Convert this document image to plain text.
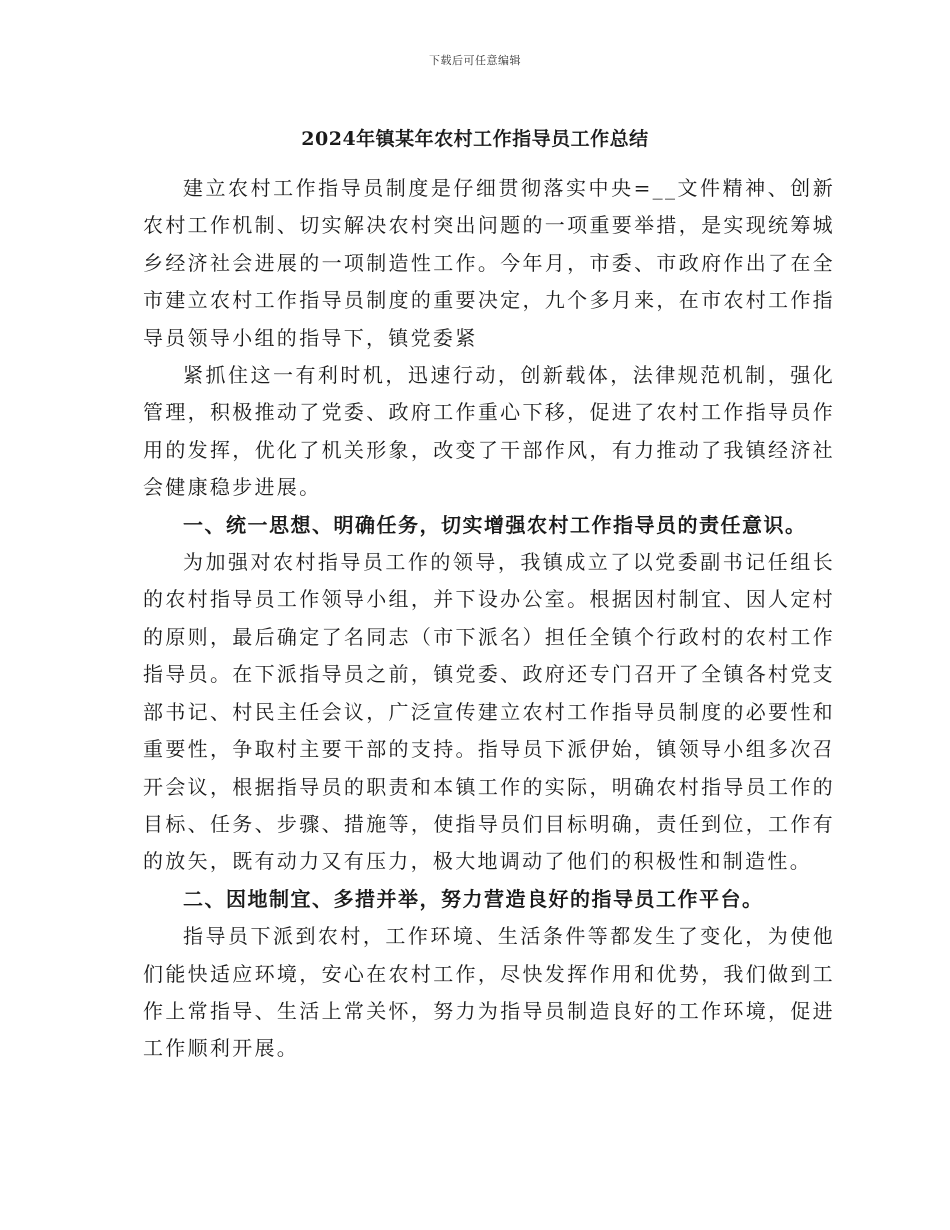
下载后可任意编辑
2024年镇某年农村工作指导员工作总结

建立农村工作指导员制度是仔细贯彻落实中央=__文件精神、创新农村工作机制、切实解决农村突出问题的一项重要举措，是实现统筹城乡经济社会进展的一项制造性工作。今年月，市委、市政府作出了在全市建立农村工作指导员制度的重要决定，九个多月来，在市农村工作指导员领导小组的指导下，镇党委紧

紧抓住这一有利时机，迅速行动，创新载体，法律规范机制，强化管理，积极推动了党委、政府工作重心下移，促进了农村工作指导员作用的发挥，优化了机关形象，改变了干部作风，有力推动了我镇经济社会健康稳步进展。

一、统一思想、明确任务，切实增强农村工作指导员的责任意识。

为加强对农村指导员工作的领导，我镇成立了以党委副书记任组长的农村指导员工作领导小组，并下设办公室。根据因村制宜、因人定村的原则，最后确定了名同志（市下派名）担任全镇个行政村的农村工作指导员。在下派指导员之前，镇党委、政府还专门召开了全镇各村党支部书记、村民主任会议，广泛宣传建立农村工作指导员制度的必要性和重要性，争取村主要干部的支持。指导员下派伊始，镇领导小组多次召开会议，根据指导员的职责和本镇工作的实际，明确农村指导员工作的目标、任务、步骤、措施等，使指导员们目标明确，责任到位，工作有的放矢，既有动力又有压力，极大地调动了他们的积极性和制造性。

二、因地制宜、多措并举，努力营造良好的指导员工作平台。

指导员下派到农村，工作环境、生活条件等都发生了变化，为使他们能快适应环境，安心在农村工作，尽快发挥作用和优势，我们做到工作上常指导、生活上常关怀，努力为指导员制造良好的工作环境，促进工作顺利开展。
